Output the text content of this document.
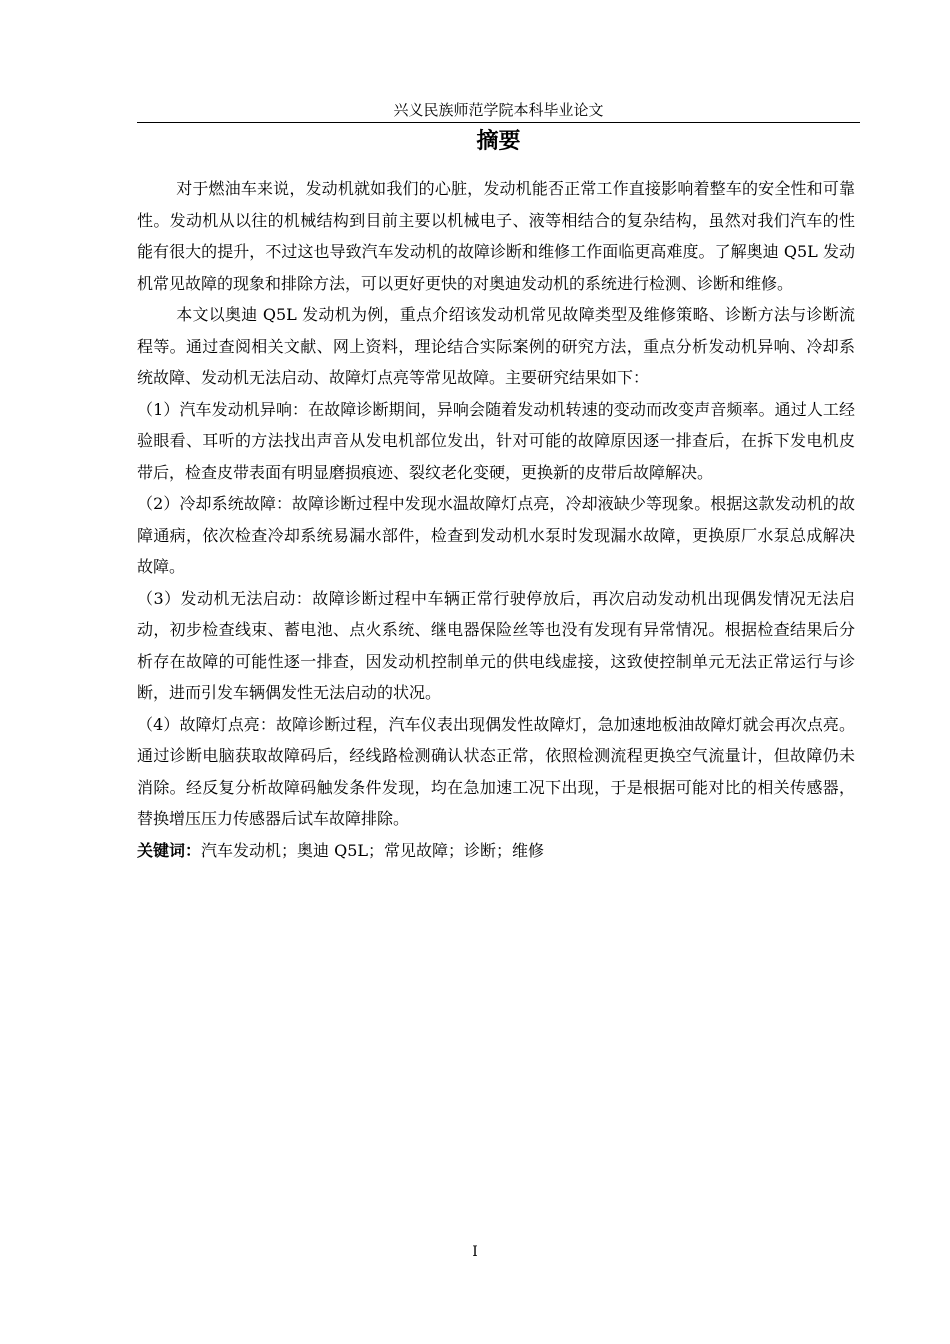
兴义民族师范学院本科毕业论文
摘要

对于燃油车来说，发动机就如我们的心脏，发动机能否正常工作直接影响着整车的安全性和可靠性。发动机从以往的机械结构到目前主要以机械电子、液等相结合的复杂结构，虽然对我们汽车的性能有很大的提升，不过这也导致汽车发动机的故障诊断和维修工作面临更高难度。了解奥迪 Q5L 发动机常见故障的现象和排除方法，可以更好更快的对奥迪发动机的系统进行检测、诊断和维修。

本文以奥迪 Q5L 发动机为例，重点介绍该发动机常见故障类型及维修策略、诊断方法与诊断流程等。通过查阅相关文献、网上资料，理论结合实际案例的研究方法，重点分析发动机异响、冷却系统故障、发动机无法启动、故障灯点亮等常见故障。主要研究结果如下：

（1）汽车发动机异响：在故障诊断期间，异响会随着发动机转速的变动而改变声音频率。通过人工经验眼看、耳听的方法找出声音从发电机部位发出，针对可能的故障原因逐一排查后，在拆下发电机皮带后，检查皮带表面有明显磨损痕迹、裂纹老化变硬，更换新的皮带后故障解决。

（2）冷却系统故障：故障诊断过程中发现水温故障灯点亮，冷却液缺少等现象。根据这款发动机的故障通病，依次检查冷却系统易漏水部件，检查到发动机水泵时发现漏水故障，更换原厂水泵总成解决故障。

（3）发动机无法启动：故障诊断过程中车辆正常行驶停放后，再次启动发动机出现偶发情况无法启动，初步检查线束、蓄电池、点火系统、继电器保险丝等也没有发现有异常情况。根据检查结果后分析存在故障的可能性逐一排查，因发动机控制单元的供电线虚接，这致使控制单元无法正常运行与诊断，进而引发车辆偶发性无法启动的状况。

（4）故障灯点亮：故障诊断过程，汽车仪表出现偶发性故障灯，急加速地板油故障灯就会再次点亮。通过诊断电脑获取故障码后，经线路检测确认状态正常，依照检测流程更换空气流量计，但故障仍未消除。经反复分析故障码触发条件发现，均在急加速工况下出现，于是根据可能对比的相关传感器，替换增压压力传感器后试车故障排除。

关键词：汽车发动机；奥迪 Q5L；常见故障；诊断；维修

I
